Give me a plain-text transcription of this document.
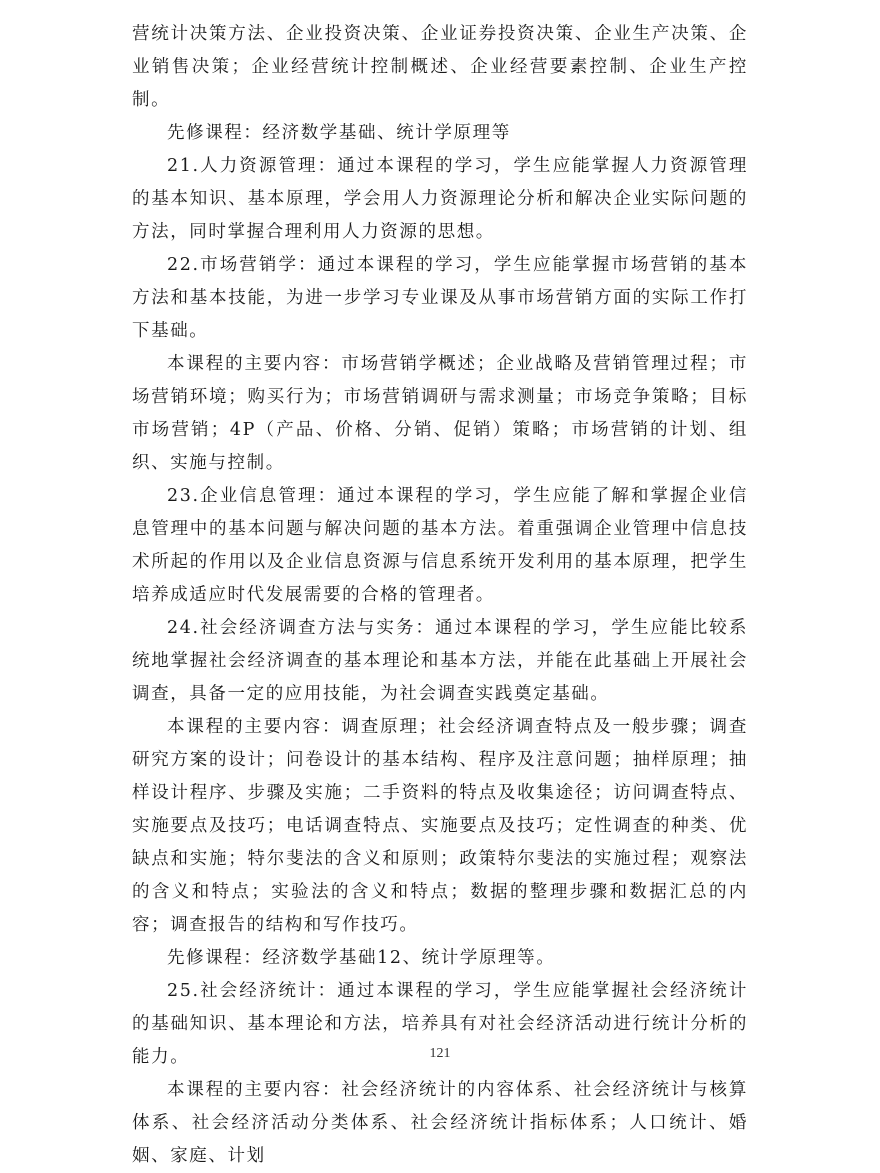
营统计决策方法、企业投资决策、企业证券投资决策、企业生产决策、企业销售决策；企业经营统计控制概述、企业经营要素控制、企业生产控制。

先修课程：经济数学基础、统计学原理等

21.人力资源管理：通过本课程的学习，学生应能掌握人力资源管理的基本知识、基本原理，学会用人力资源理论分析和解决企业实际问题的方法，同时掌握合理利用人力资源的思想。

22.市场营销学：通过本课程的学习，学生应能掌握市场营销的基本方法和基本技能，为进一步学习专业课及从事市场营销方面的实际工作打下基础。

本课程的主要内容：市场营销学概述；企业战略及营销管理过程；市场营销环境；购买行为；市场营销调研与需求测量；市场竞争策略；目标市场营销；4P（产品、价格、分销、促销）策略；市场营销的计划、组织、实施与控制。

23.企业信息管理：通过本课程的学习，学生应能了解和掌握企业信息管理中的基本问题与解决问题的基本方法。着重强调企业管理中信息技术所起的作用以及企业信息资源与信息系统开发利用的基本原理，把学生培养成适应时代发展需要的合格的管理者。

24.社会经济调查方法与实务：通过本课程的学习，学生应能比较系统地掌握社会经济调查的基本理论和基本方法，并能在此基础上开展社会调查，具备一定的应用技能，为社会调查实践奠定基础。

本课程的主要内容：调查原理；社会经济调查特点及一般步骤；调查研究方案的设计；问卷设计的基本结构、程序及注意问题；抽样原理；抽样设计程序、步骤及实施；二手资料的特点及收集途径；访问调查特点、实施要点及技巧；电话调查特点、实施要点及技巧；定性调查的种类、优缺点和实施；特尔斐法的含义和原则；政策特尔斐法的实施过程；观察法的含义和特点；实验法的含义和特点；数据的整理步骤和数据汇总的内容；调查报告的结构和写作技巧。

先修课程：经济数学基础12、统计学原理等。

25.社会经济统计：通过本课程的学习，学生应能掌握社会经济统计的基础知识、基本理论和方法，培养具有对社会经济活动进行统计分析的能力。

本课程的主要内容：社会经济统计的内容体系、社会经济统计与核算体系、社会经济活动分类体系、社会经济统计指标体系；人口统计、婚姻、家庭、计划

121
